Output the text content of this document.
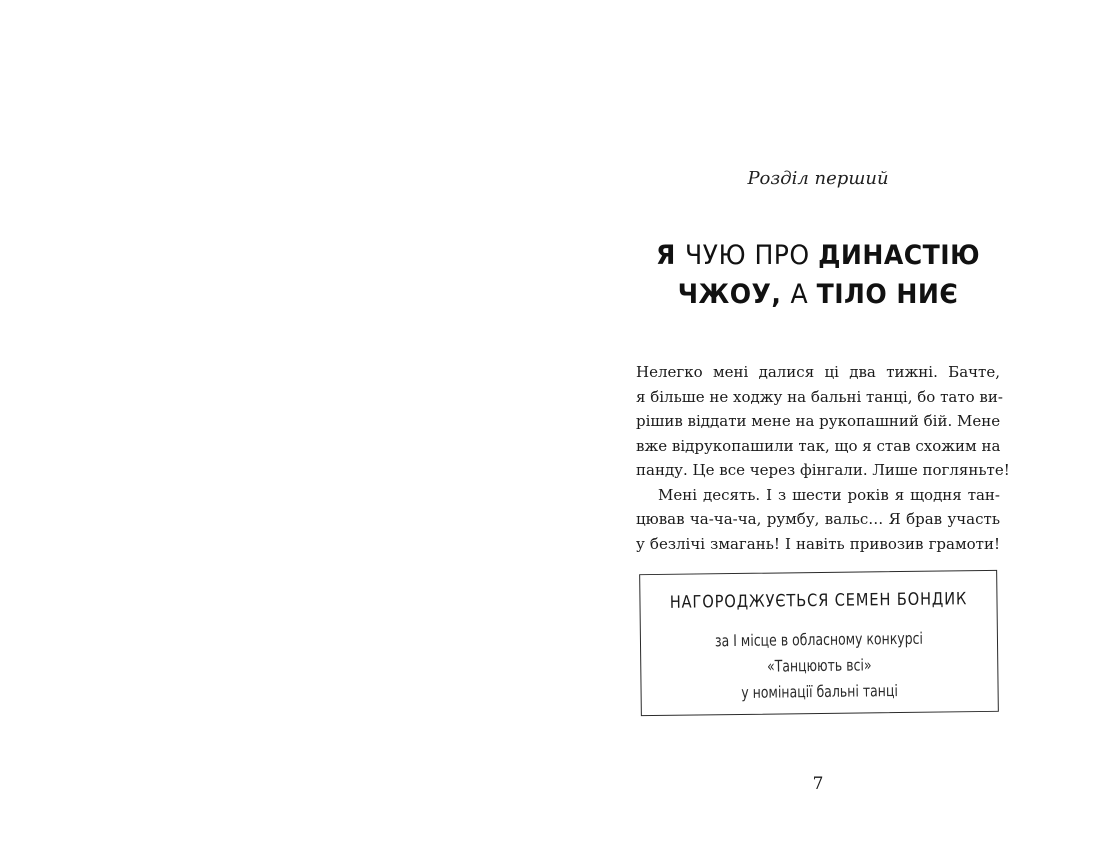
Розділ перший
Я ЧУЮ ПРО ДИНАСТІЮ
ЧЖОУ, А ТІЛО НИЄ

Нелегко мені далися ці два тижні. Бачте,
я більше не ходжу на бальні танці, бо тато ви-
рішив віддати мене на рукопашний бій. Мене
вже відрукопашили так, що я став схожим на
панду. Це все через фінгали. Лише погляньте!

Мені десять. І з шести років я щодня тан-
цював ча-ча-ча, румбу, вальс… Я брав участь
у безлічі змагань! І навіть привозив грамоти!

НАГОРОДЖУЄТЬСЯ СЕМЕН БОНДИК
за І місце в обласному конкурсі
«Танцюють всі»
у номінації бальні танці
7
